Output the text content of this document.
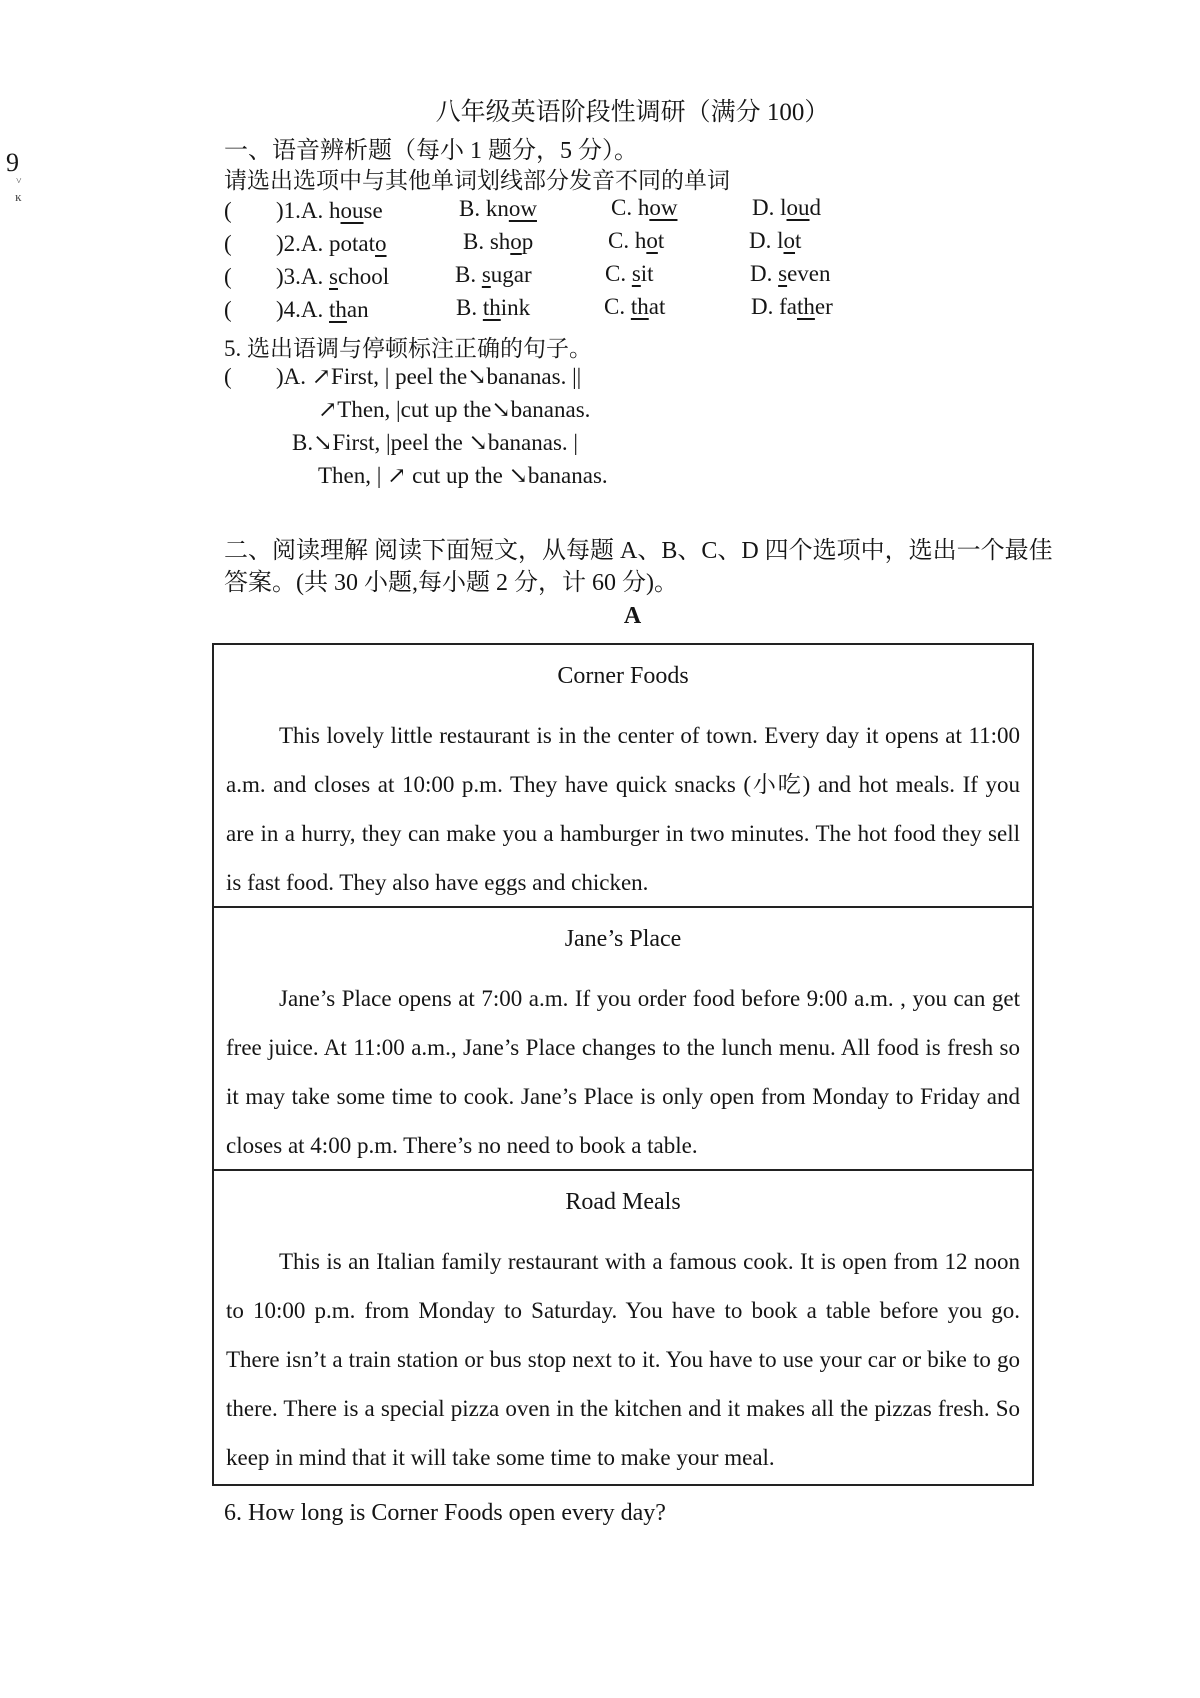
八年级英语阶段性调研（满分 100）
9
˅
ĸ
一、语音辨析题（每小 1 题分，5 分）。
请选出选项中与其他单词划线部分发音不同的单词
( )1.A. house	B. know	C. how	D. loud
( )2.A. potato	B. shop	C. hot	D. lot
( )3.A. school	B. sugar	C. sit	D. seven
( )4.A. than	B. think	C. that	D. father
5. 选出语调与停顿标注正确的句子。
( )A. ↗First, | peel the↘bananas. ||
↗Then, |cut up the↘bananas.
B.↘First, |peel the ↘bananas. |
Then, | ↗ cut up the ↘bananas.
二、阅读理解 阅读下面短文，从每题 A、B、C、D 四个选项中，选出一个最佳
答案。(共 30 小题,每小题 2 分，计 60 分)。
A
Corner Foods

This lovely little restaurant is in the center of town. Every day it opens at 11:00 a.m. and closes at 10:00 p.m. They have quick snacks (小吃) and hot meals. If you are in a hurry, they can make you a hamburger in two minutes. The hot food they sell is fast food. They also have eggs and chicken.

Jane’s Place

Jane’s Place opens at 7:00 a.m. If you order food before 9:00 a.m. , you can get free juice. At 11:00 a.m., Jane’s Place changes to the lunch menu. All food is fresh so it may take some time to cook. Jane’s Place is only open from Monday to Friday and closes at 4:00 p.m. There’s no need to book a table.

Road Meals

This is an Italian family restaurant with a famous cook. It is open from 12 noon to 10:00 p.m. from Monday to Saturday. You have to book a table before you go. There isn’t a train station or bus stop next to it. You have to use your car or bike to go there. There is a special pizza oven in the kitchen and it makes all the pizzas fresh. So keep in mind that it will take some time to make your meal.

6. How long is Corner Foods open every day?
